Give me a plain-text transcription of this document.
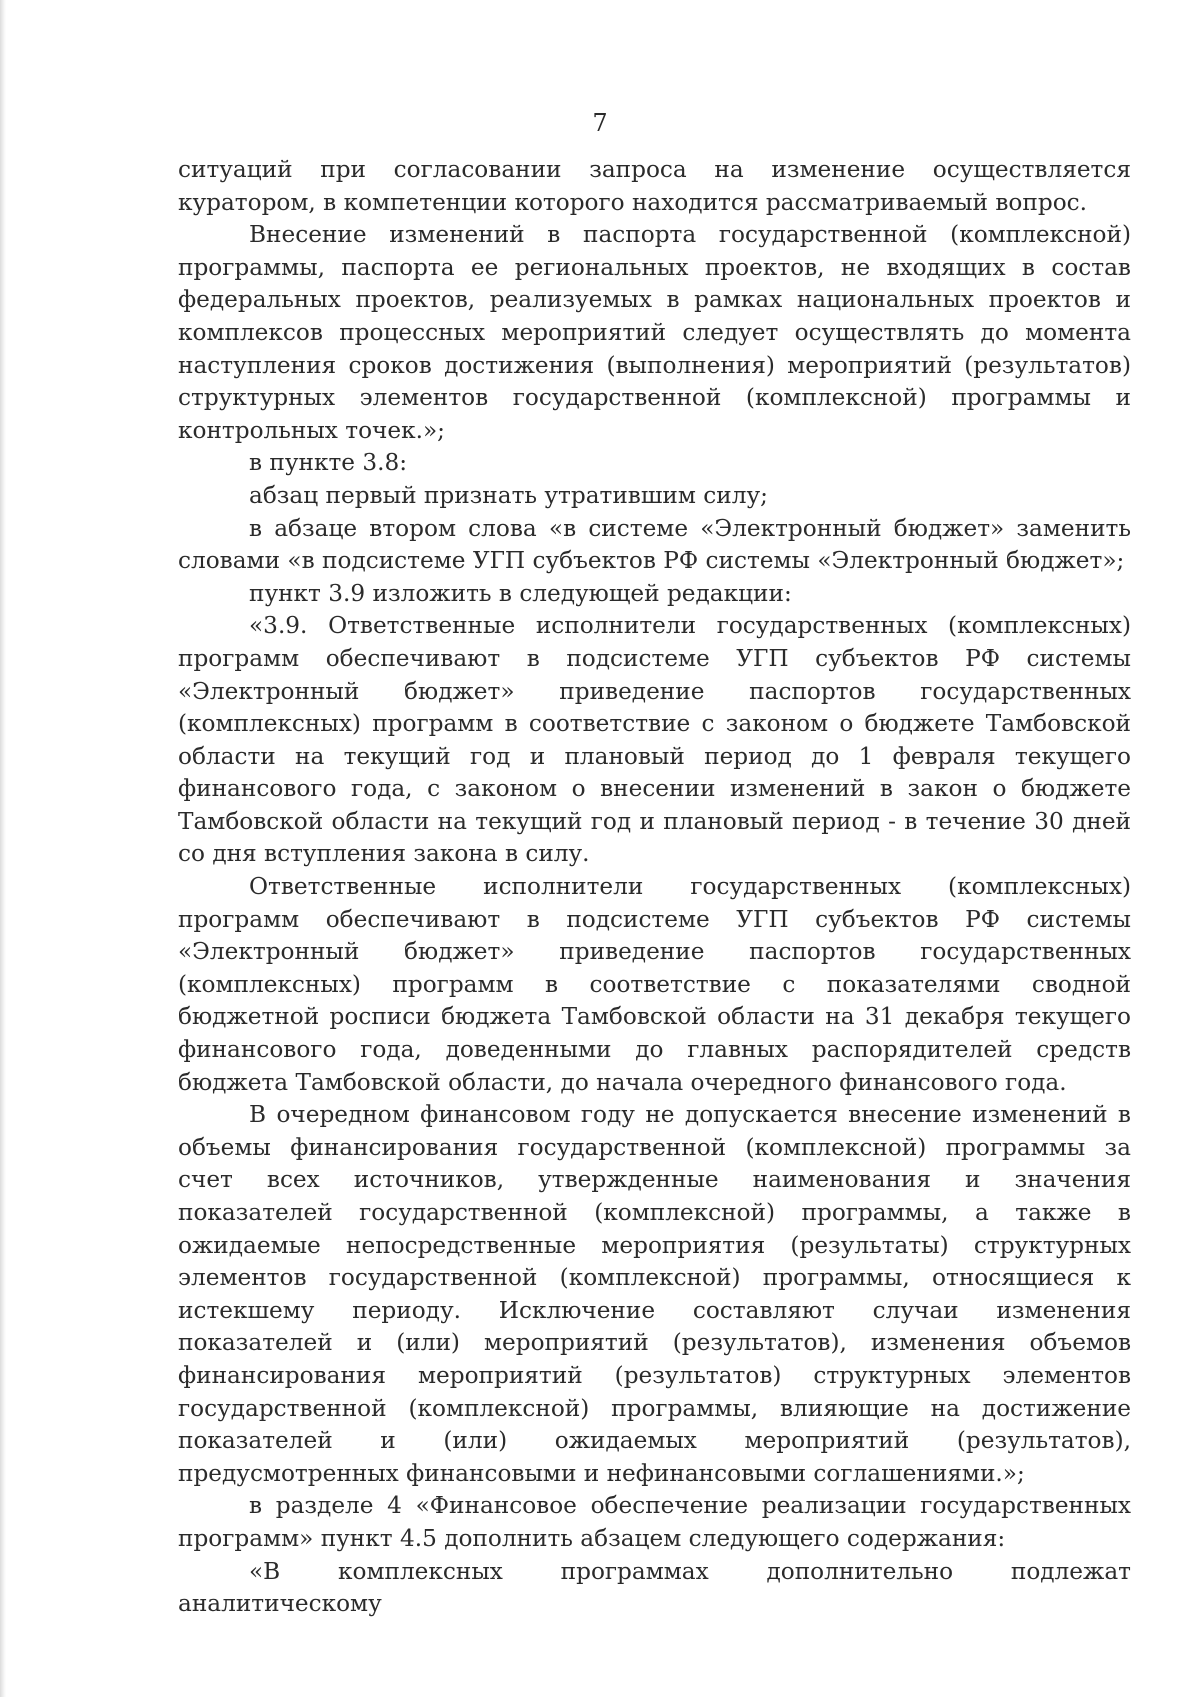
7

ситуаций при согласовании запроса на изменение осуществляется куратором, в компетенции которого находится рассматриваемый вопрос.

Внесение изменений в паспорта государственной (комплексной) программы, паспорта ее региональных проектов, не входящих в состав федеральных проектов, реализуемых в рамках национальных проектов и комплексов процессных мероприятий следует осуществлять до момента наступления сроков достижения (выполнения) мероприятий (результатов) структурных элементов государственной (комплексной) программы и контрольных точек.»;

в пункте 3.8:

абзац первый признать утратившим силу;

в абзаце втором слова «в системе «Электронный бюджет» заменить словами «в подсистеме УГП субъектов РФ системы «Электронный бюджет»;

пункт 3.9 изложить в следующей редакции:

«3.9. Ответственные исполнители государственных (комплексных) программ обеспечивают в подсистеме УГП субъектов РФ системы «Электронный бюджет» приведение паспортов государственных (комплексных) программ в соответствие с законом о бюджете Тамбовской области на текущий год и плановый период до 1 февраля текущего финансового года, с законом о внесении изменений в закон о бюджете Тамбовской области на текущий год и плановый период - в течение 30 дней со дня вступления закона в силу.

Ответственные исполнители государственных (комплексных) программ обеспечивают в подсистеме УГП субъектов РФ системы «Электронный бюджет» приведение паспортов государственных (комплексных) программ в соответствие с показателями сводной бюджетной росписи бюджета Тамбовской области на 31 декабря текущего финансового года, доведенными до главных распорядителей средств бюджета Тамбовской области, до начала очередного финансового года.

В очередном финансовом году не допускается внесение изменений в объемы финансирования государственной (комплексной) программы за счет всех источников, утвержденные наименования и значения показателей государственной (комплексной) программы, а также в ожидаемые непосредственные мероприятия (результаты) структурных элементов государственной (комплексной) программы, относящиеся к истекшему периоду. Исключение составляют случаи изменения показателей и (или) мероприятий (результатов), изменения объемов финансирования мероприятий (результатов) структурных элементов государственной (комплексной) программы, влияющие на достижение показателей и (или) ожидаемых мероприятий (результатов), предусмотренных финансовыми и нефинансовыми соглашениями.»;

в разделе 4 «Финансовое обеспечение реализации государственных программ» пункт 4.5 дополнить абзацем следующего содержания:

«В комплексных программах дополнительно подлежат аналитическому
